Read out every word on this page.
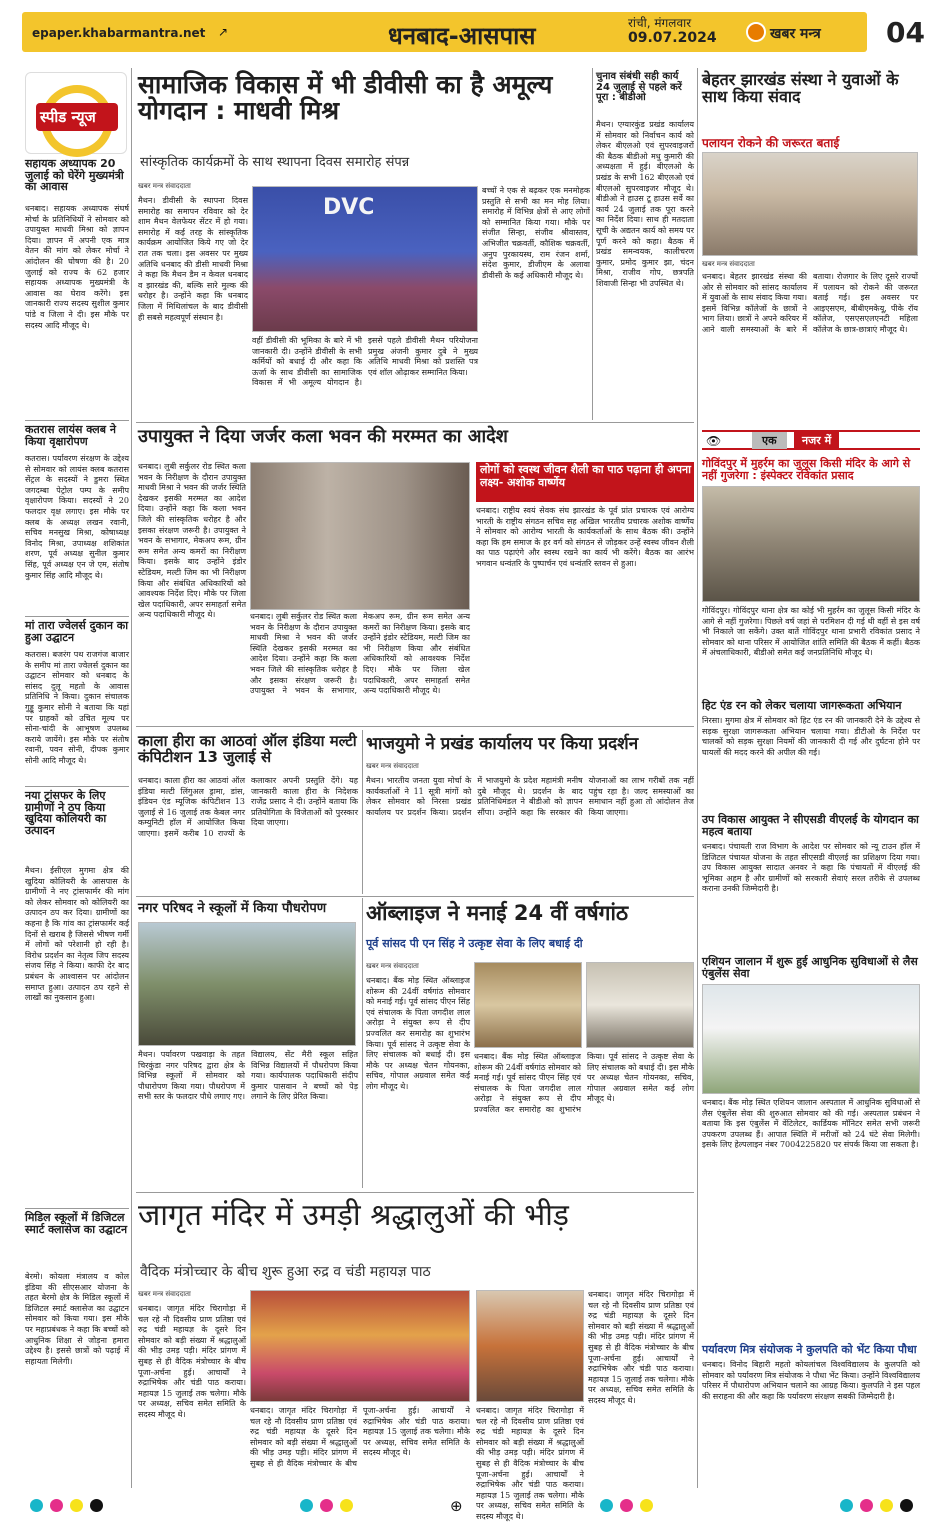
epaper.khabarmantra.net ↗	धनबाद-आसपास	रांची, मंगलवार
09.07.2024	खबर मन्त्र 04
स्पीड न्यूज
सहायक अध्यापक 20 जुलाई को घेरेंगे मुख्यमंत्री का आवास
धनबाद। सहायक अध्यापक संघर्ष मोर्चा के प्रतिनिधियों ने सोमवार को उपायुक्त माधवी मिश्रा को ज्ञापन दिया। ज्ञापन में अपनी एक मात्र वेतन की मांग को लेकर मोर्चा ने आंदोलन की घोषणा की है। 20 जुलाई को राज्य के 62 हजार सहायक अध्यापक मुख्यमंत्री के आवास का घेराव करेंगे। इस जानकारी राज्य सदस्य सुशील कुमार पांडे व जिला ने दी। इस मौके पर सदस्य आदि मौजूद थे।
कतरास लायंस क्लब ने किया वृक्षारोपण
कतरास। पर्यावरण संरक्षण के उद्देश्य से सोमवार को लायंस क्लब कतरास सेंट्रल के सदस्यों ने डुमरा स्थित जगदम्बा पेट्रोल पम्प के समीप वृक्षारोपण किया। सदस्यों ने 20 फलदार वृक्ष लगाए। इस मौके पर क्लब के अध्यक्ष लखन रवानी, सचिव मनसुख मिश्रा, कोषाध्यक्ष विनोद मिश्रा, उपाध्यक्ष शशिकांत शरण, पूर्व अध्यक्ष सुनील कुमार सिंह, पूर्व अध्यक्ष एन जे एम, संतोष कुमार सिंह आदि मौजूद थे।
मां तारा ज्वेलर्स दुकान का हुआ उद्घाटन
कतरास। बजरंग पथ राजगंज बाजार के समीप मां तारा ज्वेलर्स दुकान का उद्घाटन सोमवार को धनबाद के सांसद दुलू महतो के आवास प्रतिनिधि ने किया। दुकान संचालक गुड्डू कुमार सोनी ने बताया कि यहां पर ग्राहकों को उचित मूल्य पर सोना-चांदी के आभूषण उपलब्ध कराये जायेंगे। इस मौके पर संतोष रवानी, पवन सोनी, दीपक कुमार सोनी आदि मौजूद थे।
नया ट्रांसफर के लिए ग्रामीणों ने ठप किया खुदिया कोलियरी का उत्पादन
मैथन। ईसीएल मुगमा क्षेत्र की खुदिया कोलियरी के आसपास के ग्रामीणों ने नए ट्रांसफार्मर की मांग को लेकर सोमवार को कोलियरी का उत्पादन ठप कर दिया। ग्रामीणों का कहना है कि गांव का ट्रांसफार्मर कई दिनों से खराब है जिससे भीषण गर्मी में लोगों को परेशानी हो रही है। विरोध प्रदर्शन का नेतृत्व जिप सदस्य संजय सिंह ने किया। काफी देर बाद प्रबंधन के आश्वासन पर आंदोलन समाप्त हुआ। उत्पादन ठप रहने से लाखों का नुकसान हुआ।
मिडिल स्कूलों में डिजिटल स्मार्ट क्लासेज का उद्घाटन
बेरमो। कोयला मंत्रालय व कोल इंडिया की सीएसआर योजना के तहत बेरमो क्षेत्र के मिडिल स्कूलों में डिजिटल स्मार्ट क्लासेज का उद्घाटन सोमवार को किया गया। इस मौके पर महाप्रबंधक ने कहा कि बच्चों को आधुनिक शिक्षा से जोड़ना हमारा उद्देश्य है। इससे छात्रों को पढ़ाई में सहायता मिलेगी।
सामाजिक विकास में भी डीवीसी का है अमूल्य योगदान : माधवी मिश्र
सांस्कृतिक कार्यक्रमों के साथ स्थापना दिवस समारोह संपन्न
खबर मन्त्र संवाददाता
मैथन। डीवीसी के स्थापना दिवस समारोह का समापन रविवार को देर शाम मैथन वेलफेयर सेंटर में हो गया। समारोह में कई तरह के सांस्कृतिक कार्यक्रम आयोजित किये गए जो देर रात तक चला। इस अवसर पर मुख्य अतिथि धनबाद की डीसी माधवी मिश्रा ने कहा कि मैथन डैम न केवल धनबाद व झारखंड की, बल्कि सारे मुल्क की धरोहर है। उन्होंने कहा कि धनबाद जिला में मिथिलांचल के बाद डीवीसी ही सबसे महत्वपूर्ण संस्थान है।
DVC
वहीं डीवीसी की भूमिका के बारे में भी जानकारी दी। उन्होंने डीवीसी के सभी कर्मियों को बधाई दी और कहा कि ऊर्जा के साथ डीवीसी का सामाजिक विकास में भी अमूल्य योगदान है। इससे पहले डीवीसी मैथन परियोजना प्रमुख अंजनी कुमार दुबे ने मुख्य अतिथि माधवी मिश्रा को प्रशस्ति पत्र एवं शॉल ओढ़ाकर सम्मानित किया।
बच्चों ने एक से बढ़कर एक मनमोहक प्रस्तुति से सभी का मन मोह लिया। समारोह में विभिन्न क्षेत्रों से आए लोगों को सम्मानित किया गया। मौके पर संजीत सिन्हा, संजीव श्रीवास्तव, अभिजीत चक्रवर्ती, कौशिक चक्रवर्ती, अनुप पुरकायस्थ, राम रंजन शर्मा, संदेश कुमार, डीजीएम के अलावा डीवीसी के कई अधिकारी मौजूद थे।
चुनाव संबंधी सही कार्य 24 जुलाई से पहले करें पूरा : बीडीओ
मैथन। एग्यारकुंड प्रखंड कार्यालय में सोमवार को निर्वाचन कार्य को लेकर बीएलओ एवं सुपरवाइजरों की बैठक बीडीओ मधु कुमारी की अध्यक्षता में हुई। बीएलओ के प्रखंड के सभी 162 बीएलओ एवं बीएलओ सुपरवाइजर मौजूद थे। बीडीओ ने हाउस टू हाउस सर्वे का कार्य 24 जुलाई तक पूरा करने का निर्देश दिया। साथ ही मतदाता सूची के अद्यतन कार्य को समय पर पूर्ण करने को कहा। बैठक में प्रखंड समन्वयक, कालीचरण कुमार, प्रमोद कुमार झा, चंदन मिश्रा, राजीव गोप, छत्रपति शिवाजी सिन्हा भी उपस्थित थे।
बेहतर झारखंड संस्था ने युवाओं के साथ किया संवाद
पलायन रोकने की जरूरत बताई
खबर मन्त्र संवाददाता
धनबाद। बेहतर झारखंड संस्था की ओर से सोमवार को सांसद कार्यालय में युवाओं के साथ संवाद किया गया। इसमें विभिन्न कॉलेजों के छात्रों ने भाग लिया। छात्रों ने अपने करियर में आने वाली समस्याओं के बारे में बताया। रोजगार के लिए दूसरे राज्यों में पलायन को रोकने की जरूरत बताई गई। इस अवसर पर आइएसएम, बीबीएमकेयू, पीके रॉय कॉलेज, एसएसएलएनटी महिला कॉलेज के छात्र-छात्राएं मौजूद थे।
👁	एक	नजर में
गोविंदपुर में मुहर्रम का जुलूस किसी मंदिर के आगे से नहीं गुजरेगा : इंस्पेक्टर रविकांत प्रसाद
गोविंदपुर। गोविंदपुर थाना क्षेत्र का कोई भी मुहर्रम का जुलूस किसी मंदिर के आगे से नहीं गुजरेगा। पिछले वर्ष जहां से परमिशन दी गई थी वहीं से इस वर्ष भी निकाले जा सकेंगे। उक्त बातें गोविंदपुर थाना प्रभारी रविकांत प्रसाद ने सोमवार को थाना परिसर में आयोजित शांति समिति की बैठक में कहीं। बैठक में अंचलाधिकारी, बीडीओ समेत कई जनप्रतिनिधि मौजूद थे।
हिट एंड रन को लेकर चलाया जागरूकता अभियान
निरसा। मुगमा क्षेत्र में सोमवार को हिट एंड रन की जानकारी देने के उद्देश्य से सड़क सुरक्षा जागरूकता अभियान चलाया गया। डीटीओ के निर्देश पर चालकों को सड़क सुरक्षा नियमों की जानकारी दी गई और दुर्घटना होने पर घायलों की मदद करने की अपील की गई।
उप विकास आयुक्त ने सीएसडी वीएलई के योगदान का महत्व बताया
धनबाद। पंचायती राज विभाग के आदेश पर सोमवार को न्यू टाउन हॉल में डिजिटल पंचायत योजना के तहत सीएसडी वीएलई का प्रशिक्षण दिया गया। उप विकास आयुक्त सादात अनवर ने कहा कि पंचायतों में वीएलई की भूमिका अहम है और ग्रामीणों को सरकारी सेवाएं सरल तरीके से उपलब्ध कराना उनकी जिम्मेदारी है।
एशियन जालान में शुरू हुई आधुनिक सुविधाओं से लैस एंबुलेंस सेवा
धनबाद। बैंक मोड़ स्थित एशियन जालान अस्पताल में आधुनिक सुविधाओं से लैस एंबुलेंस सेवा की शुरुआत सोमवार को की गई। अस्पताल प्रबंधन ने बताया कि इस एंबुलेंस में वेंटिलेटर, कार्डियक मॉनिटर समेत सभी जरूरी उपकरण उपलब्ध हैं। आपात स्थिति में मरीजों को 24 घंटे सेवा मिलेगी। इसके लिए हेल्पलाइन नंबर 7004225820 पर संपर्क किया जा सकता है।
पर्यावरण मित्र संयोजक ने कुलपति को भेंट किया पौधा
धनबाद। विनोद बिहारी महतो कोयलांचल विश्वविद्यालय के कुलपति को सोमवार को पर्यावरण मित्र संयोजक ने पौधा भेंट किया। उन्होंने विश्वविद्यालय परिसर में पौधारोपण अभियान चलाने का आग्रह किया। कुलपति ने इस पहल की सराहना की और कहा कि पर्यावरण संरक्षण सबकी जिम्मेदारी है।
उपायुक्त ने दिया जर्जर कला भवन की मरम्मत का आदेश
धनबाद। लुबी सर्कुलर रोड स्थित कला भवन के निरीक्षण के दौरान उपायुक्त माधवी मिश्रा ने भवन की जर्जर स्थिति देखकर इसकी मरम्मत का आदेश दिया। उन्होंने कहा कि कला भवन जिले की सांस्कृतिक धरोहर है और इसका संरक्षण जरूरी है। उपायुक्त ने भवन के सभागार, मेकअप रूम, ग्रीन रूम समेत अन्य कमरों का निरीक्षण किया। इसके बाद उन्होंने इंडोर स्टेडियम, मल्टी जिम का भी निरीक्षण किया और संबंधित अधिकारियों को आवश्यक निर्देश दिए। मौके पर जिला खेल पदाधिकारी, अपर समाहर्ता समेत अन्य पदाधिकारी मौजूद थे।	धनबाद। लुबी सर्कुलर रोड स्थित कला भवन के निरीक्षण के दौरान उपायुक्त माधवी मिश्रा ने भवन की जर्जर स्थिति देखकर इसकी मरम्मत का आदेश दिया। उन्होंने कहा कि कला भवन जिले की सांस्कृतिक धरोहर है और इसका संरक्षण जरूरी है। उपायुक्त ने भवन के सभागार, मेकअप रूम, ग्रीन रूम समेत अन्य कमरों का निरीक्षण किया। इसके बाद उन्होंने इंडोर स्टेडियम, मल्टी जिम का भी निरीक्षण किया और संबंधित अधिकारियों को आवश्यक निर्देश दिए। मौके पर जिला खेल पदाधिकारी, अपर समाहर्ता समेत अन्य पदाधिकारी मौजूद थे।
लोगों को स्वस्थ जीवन शैली का पाठ पढ़ाना ही अपना लक्ष्य- अशोक वार्ष्णेय
धनबाद। राष्ट्रीय स्वयं सेवक संघ झारखंड के पूर्व प्रांत प्रचारक एवं आरोग्य भारती के राष्ट्रीय संगठन सचिव सह अखिल भारतीय प्रचारक अशोक वार्ष्णेय ने सोमवार को आरोग्य भारती के कार्यकर्ताओं के साथ बैठक की। उन्होंने कहा कि हम समाज के हर वर्ग को संगठन से जोड़कर उन्हें स्वस्थ जीवन शैली का पाठ पढ़ाएंगे और स्वस्थ रखने का कार्य भी करेंगे। बैठक का आरंभ भगवान धन्वंतरि के पुष्पार्चन एवं धन्वंतरि स्तवन से हुआ।
काला हीरा का आठवां ऑल इंडिया मल्टी कंपिटीशन 13 जुलाई से
धनबाद। काला हीरा का आठवां ऑल इंडिया मल्टी लिंगुअल ड्रामा, डांस, इंडियन एंड म्यूजिक कंपिटीशन 13 जुलाई से 16 जुलाई तक केबल नगर कम्युनिटी हॉल में आयोजित किया जाएगा। इसमें करीब 10 राज्यों के कलाकार अपनी प्रस्तुति देंगे। यह जानकारी काला हीरा के निदेशक राजेंद्र प्रसाद ने दी। उन्होंने बताया कि प्रतियोगिता के विजेताओं को पुरस्कार दिया जाएगा।
भाजयुमो ने प्रखंड कार्यालय पर किया प्रदर्शन
खबर मन्त्र संवाददाता
मैथन। भारतीय जनता युवा मोर्चा के कार्यकर्ताओं ने 11 सूत्री मांगों को लेकर सोमवार को निरसा प्रखंड कार्यालय पर प्रदर्शन किया। प्रदर्शन में भाजयुमो के प्रदेश महामंत्री मनीष दुबे मौजूद थे। प्रदर्शन के बाद प्रतिनिधिमंडल ने बीडीओ को ज्ञापन सौंपा। उन्होंने कहा कि सरकार की योजनाओं का लाभ गरीबों तक नहीं पहुंच रहा है। जल्द समस्याओं का समाधान नहीं हुआ तो आंदोलन तेज किया जाएगा।
नगर परिषद ने स्कूलों में किया पौधरोपण
मैथन। पर्यावरण पखवाड़ा के तहत चिरकुंडा नगर परिषद द्वारा क्षेत्र के विभिन्न स्कूलों में सोमवार को पौधारोपण किया गया। पौधरोपण में सभी स्तर के फलदार पौधे लगाए गए। विद्यालय, सेंट मैरी स्कूल सहित विभिन्न विद्यालयों में पौधरोपण किया गया। कार्यपालक पदाधिकारी संदीप कुमार पासवान ने बच्चों को पेड़ लगाने के लिए प्रेरित किया।
ऑब्लाइज ने मनाई 24 वीं वर्षगांठ
पूर्व सांसद पी एन सिंह ने उत्कृष्ट सेवा के लिए बधाई दी
खबर मन्त्र संवाददाता
धनबाद। बैंक मोड़ स्थित ऑब्लाइज शोरूम की 24वीं वर्षगांठ सोमवार को मनाई गई। पूर्व सांसद पीएन सिंह एवं संचालक के पिता जगदीश लाल अरोड़ा ने संयुक्त रूप से दीप प्रज्वलित कर समारोह का शुभारंभ किया। पूर्व सांसद ने उत्कृष्ट सेवा के लिए संचालक को बधाई दी। इस मौके पर अध्यक्ष चेतन गोयनका, सचिव, गोपाल अग्रवाल समेत कई लोग मौजूद थे।
धनबाद। बैंक मोड़ स्थित ऑब्लाइज शोरूम की 24वीं वर्षगांठ सोमवार को मनाई गई। पूर्व सांसद पीएन सिंह एवं संचालक के पिता जगदीश लाल अरोड़ा ने संयुक्त रूप से दीप प्रज्वलित कर समारोह का शुभारंभ किया। पूर्व सांसद ने उत्कृष्ट सेवा के लिए संचालक को बधाई दी। इस मौके पर अध्यक्ष चेतन गोयनका, सचिव, गोपाल अग्रवाल समेत कई लोग मौजूद थे।
जागृत मंदिर में उमड़ी श्रद्धालुओं की भीड़
वैदिक मंत्रोच्चार के बीच शुरू हुआ रुद्र व चंडी महायज्ञ पाठ
खबर मन्त्र संवाददाता
धनबाद। जागृत मंदिर चिरागोड़ा में चल रहे नौ दिवसीय प्राण प्रतिष्ठा एवं रुद्र चंडी महायज्ञ के दूसरे दिन सोमवार को बड़ी संख्या में श्रद्धालुओं की भीड़ उमड़ पड़ी। मंदिर प्रांगण में सुबह से ही वैदिक मंत्रोच्चार के बीच पूजा-अर्चना हुई। आचार्यों ने रुद्राभिषेक और चंडी पाठ कराया। महायज्ञ 15 जुलाई तक चलेगा। मौके पर अध्यक्ष, सचिव समेत समिति के सदस्य मौजूद थे।	धनबाद। जागृत मंदिर चिरागोड़ा में चल रहे नौ दिवसीय प्राण प्रतिष्ठा एवं रुद्र चंडी महायज्ञ के दूसरे दिन सोमवार को बड़ी संख्या में श्रद्धालुओं की भीड़ उमड़ पड़ी। मंदिर प्रांगण में सुबह से ही वैदिक मंत्रोच्चार के बीच पूजा-अर्चना हुई। आचार्यों ने रुद्राभिषेक और चंडी पाठ कराया। महायज्ञ 15 जुलाई तक चलेगा। मौके पर अध्यक्ष, सचिव समेत समिति के सदस्य मौजूद थे।
धनबाद। जागृत मंदिर चिरागोड़ा में चल रहे नौ दिवसीय प्राण प्रतिष्ठा एवं रुद्र चंडी महायज्ञ के दूसरे दिन सोमवार को बड़ी संख्या में श्रद्धालुओं की भीड़ उमड़ पड़ी। मंदिर प्रांगण में सुबह से ही वैदिक मंत्रोच्चार के बीच पूजा-अर्चना हुई। आचार्यों ने रुद्राभिषेक और चंडी पाठ कराया। महायज्ञ 15 जुलाई तक चलेगा। मौके पर अध्यक्ष, सचिव समेत समिति के सदस्य मौजूद थे।
धनबाद। जागृत मंदिर चिरागोड़ा में चल रहे नौ दिवसीय प्राण प्रतिष्ठा एवं रुद्र चंडी महायज्ञ के दूसरे दिन सोमवार को बड़ी संख्या में श्रद्धालुओं की भीड़ उमड़ पड़ी। मंदिर प्रांगण में सुबह से ही वैदिक मंत्रोच्चार के बीच पूजा-अर्चना हुई। आचार्यों ने रुद्राभिषेक और चंडी पाठ कराया। महायज्ञ 15 जुलाई तक चलेगा। मौके पर अध्यक्ष, सचिव समेत समिति के सदस्य मौजूद थे।
⊕
